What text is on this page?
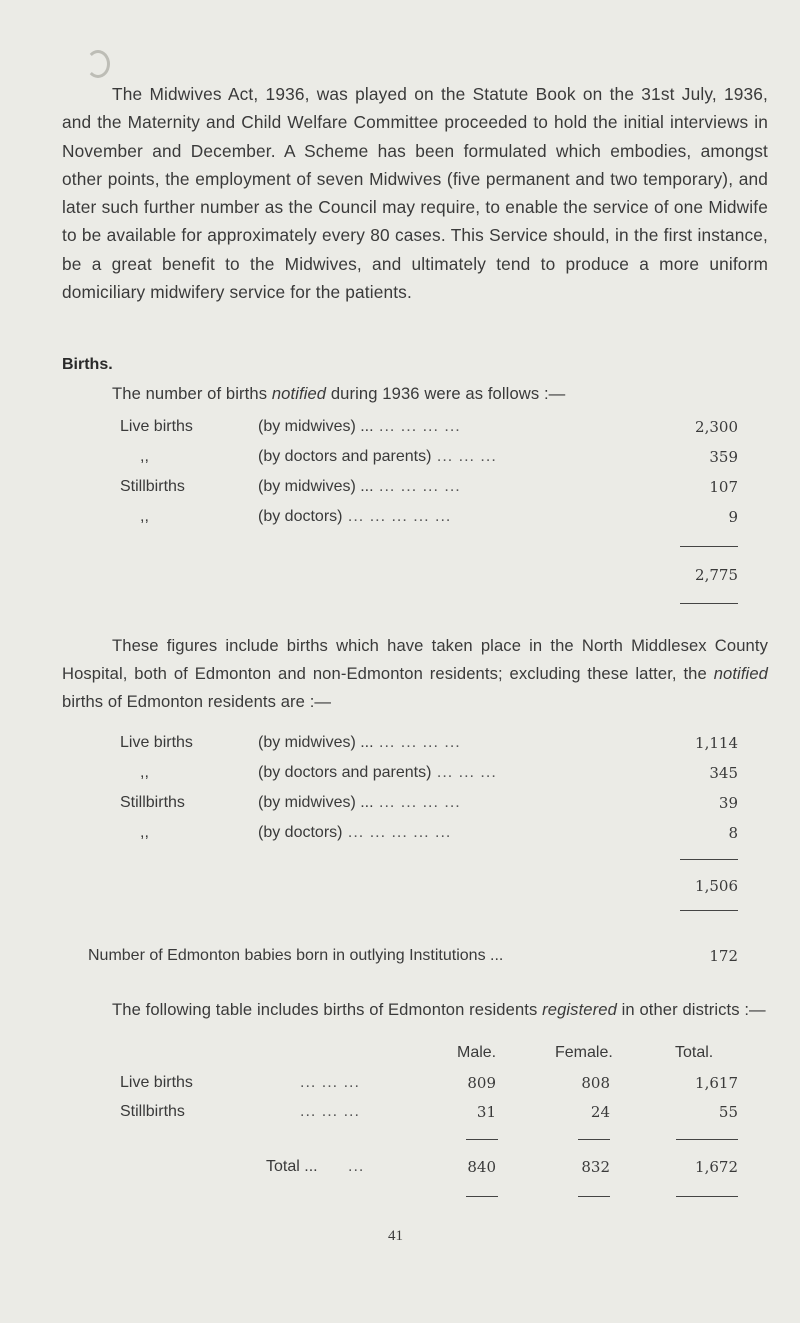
The Midwives Act, 1936, was played on the Statute Book on the 31st July, 1936, and the Maternity and Child Welfare Committee proceeded to hold the initial interviews in November and December. A Scheme has been formulated which embodies, amongst other points, the employment of seven Midwives (five permanent and two temporary), and later such further number as the Council may require, to enable the service of one Midwife to be available for approximately every 80 cases. This Service should, in the first instance, be a great benefit to the Midwives, and ultimately tend to produce a more uniform domiciliary midwifery service for the patients.

Births.

The number of births notified during 1936 were as follows :—

Live births	(by midwives) ... ... ... ... ...	2,300
,,	(by doctors and parents) ... ... ...	359
Stillbirths	(by midwives) ... ... ... ... ...	107
,,	(by doctors) ... ... ... ... ...	9
2,775

These figures include births which have taken place in the North Middlesex County Hospital, both of Edmonton and non-Edmonton residents; excluding these latter, the notified births of Edmonton residents are :—

Live births	(by midwives) ... ... ... ... ...	1,114
,,	(by doctors and parents) ... ... ...	345
Stillbirths	(by midwives) ... ... ... ... ...	39
,,	(by doctors) ... ... ... ... ...	8
1,506
Number of Edmonton babies born in outlying Institutions ...	172

The following table includes births of Edmonton residents registered in other districts :—

Male.	Female.	Total.
Live births	... ... ...	809	808	1,617
Stillbirths	... ... ...	31	24	55
Total ... ...	840	832	1,672
41
